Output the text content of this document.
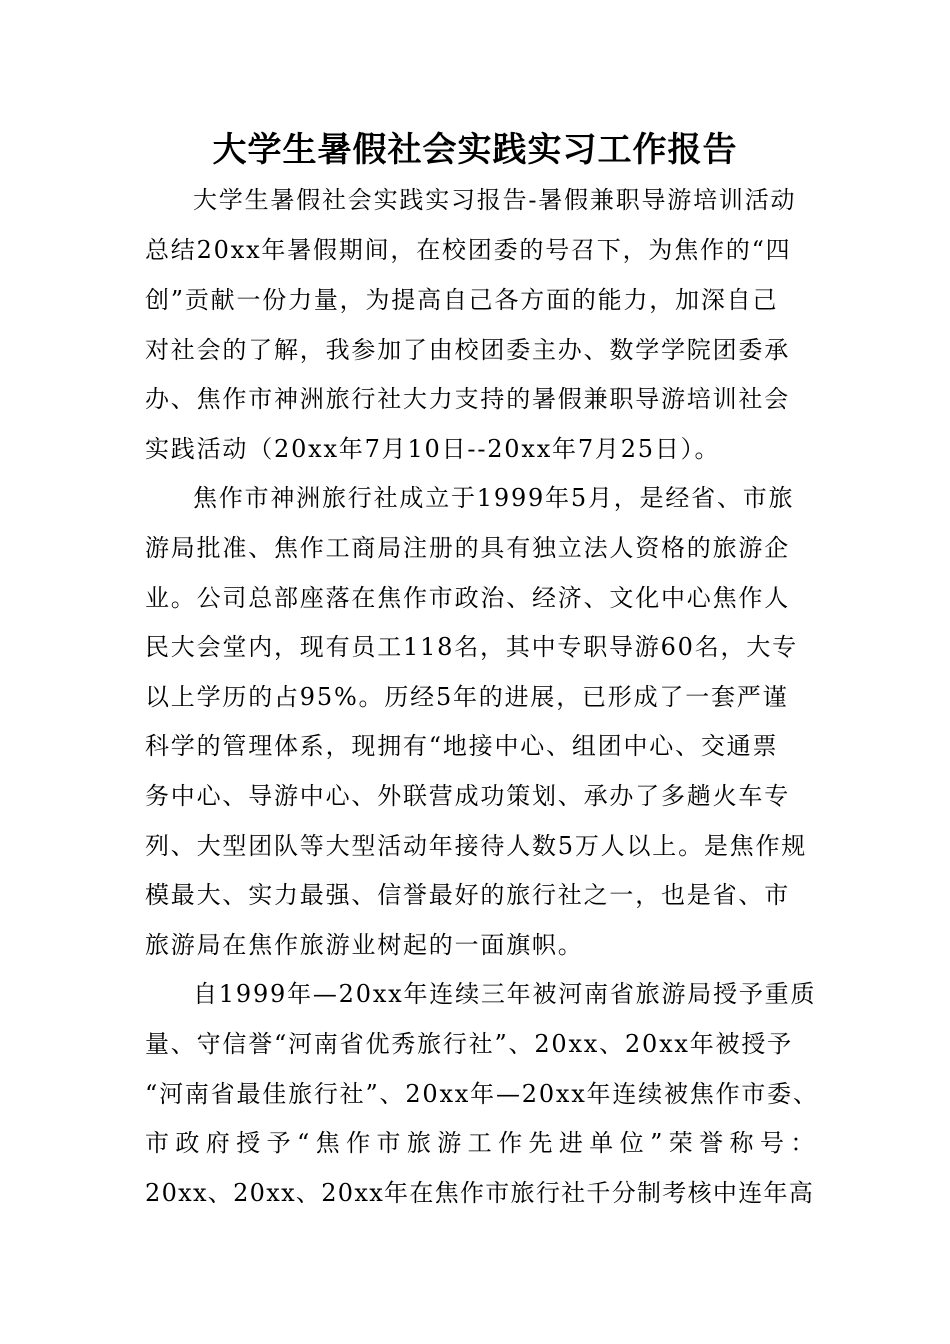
大学生暑假社会实践实习工作报告
大学生暑假社会实践实习报告-暑假兼职导游培训活动
总结20xx年暑假期间，在校团委的号召下，为焦作的“四
创”贡献一份力量，为提高自己各方面的能力，加深自己
对社会的了解，我参加了由校团委主办、数学学院团委承
办、焦作市神洲旅行社大力支持的暑假兼职导游培训社会
实践活动（20xx年7月10日--20xx年7月25日）。
焦作市神洲旅行社成立于1999年5月，是经省、市旅
游局批准、焦作工商局注册的具有独立法人资格的旅游企
业。公司总部座落在焦作市政治、经济、文化中心焦作人
民大会堂内，现有员工118名，其中专职导游60名，大专
以上学历的占95%。历经5年的进展，已形成了一套严谨
科学的管理体系，现拥有“地接中心、组团中心、交通票
务中心、导游中心、外联营成功策划、承办了多趟火车专
列、大型团队等大型活动年接待人数5万人以上。是焦作规
模最大、实力最强、信誉最好的旅行社之一，也是省、市
旅游局在焦作旅游业树起的一面旗帜。
自1999年—20xx年连续三年被河南省旅游局授予重质
量、守信誉“河南省优秀旅行社”、20xx、20xx年被授予
“河南省最佳旅行社”、20xx年—20xx年连续被焦作市委、
市政府授予“焦作市旅游工作先进单位”荣誉称号：
20xx、20xx、20xx年在焦作市旅行社千分制考核中连年高
